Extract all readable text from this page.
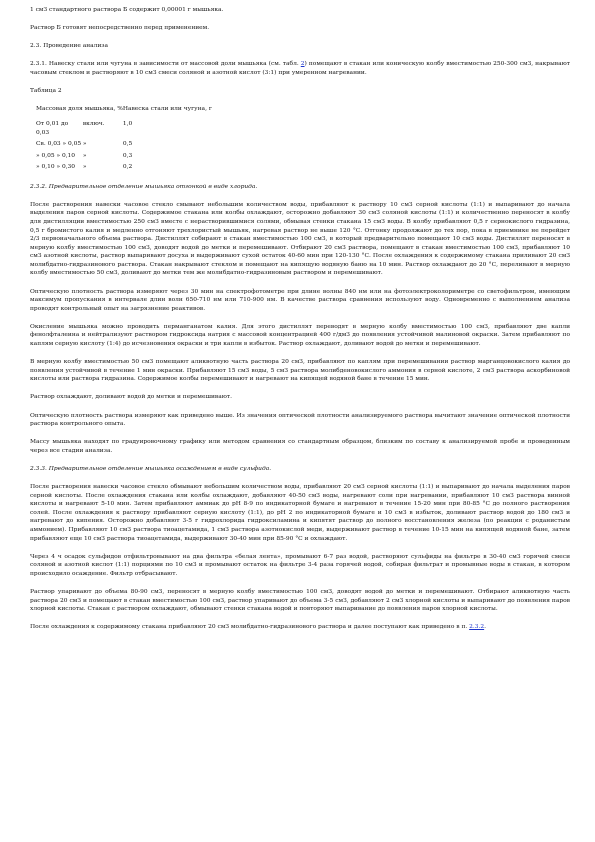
1 смЗ стандартного раствора Б содержит 0,00001 г мышьяка.

Раствор Б готовят непосредственно перед применением.

2.3. Проведение анализа

2.3.1. Навеску стали или чугуна в зависимости от массовой доли мышьяка (см. табл. 2) помещают в стакан или коническую колбу вместимостью 250-300 смЗ, накрывают часовым стеклом и растворяют в 10 смЗ смеси соляной и азотной кислот (3:1) при умеренном нагревании.

Таблица 2

Массовая доля мышьяка, %		Навеска стали или чугуна, г
От 0,01 до 0,03	включ.	1,0
Св. 0,03 » 0,05	»	0,5
» 0,05 » 0,10	»	0,3
» 0,10 » 0,30	»	0,2

2.3.2. Предварительное отделение мышьяка отгонкой в виде хлорида.

После растворения навески часовое стекло смывают небольшим количеством воды, прибавляют к раствору 10 смЗ серной кислоты (1:1) и выпаривают до начала выделения паров серной кислоты. Содержимое стакана или колбы охлаждают, осторожно добавляют 30 смЗ соляной кислоты (1:1) и количественно переносят в колбу для дистилляции вместимостью 250 смЗ вместе с нерастворившимися солями, обмывая стенки стакана 15 смЗ воды. В колбу прибавляют 0,5 г сернокислого гидразина, 0,5 г бромистого калия и медленно отгоняют трехлористый мышьяк, нагревая раствор не выше 120 °С. Отгонку продолжают до тех пор, пока в приемнике не перейдет 2/3 первоначального объема раствора. Дистиллят собирают в стакан вместимостью 100 смЗ, в который предварительно помещают 10 смЗ воды. Дистиллят переносят в мерную колбу вместимостью 100 смЗ, доводят водой до метки и перемешивают. Отбирают 20 смЗ раствора, помещают в стакан вместимостью 100 смЗ, прибавляют 10 смЗ азотной кислоты, раствор выпаривают досуха и выдерживают сухой остаток 40-60 мин при 120-130 °С. После охлаждения к содержимому стакана приливают 20 смЗ молибдатно-гидразинового раствора. Стакан накрывают стеклом и помещают на кипящую водяную баню на 10 мин. Раствор охлаждают до 20 °С, переливают в мерную колбу вместимостью 50 смЗ, доливают до метки тем же молибдатно-гидразиновым раствором и перемешивают.

Оптическую плотность раствора измеряют через 30 мин на спектрофотометре при длине волны 840 нм или на фотоэлектроколориметре со светофильтром, имеющим максимум пропускания в интервале длин волн 650-710 нм или 710-900 нм. В качестве раствора сравнения используют воду. Одновременно с выполнением анализа проводят контрольный опыт на загрязнение реактивов.

Окисление мышьяка можно проводить перманганатом калия. Для этого дистиллят переводят в мерную колбу вместимостью 100 смЗ, прибавляют две капли фенолфталеина и нейтрализуют раствором гидроксида натрия с массовой концентрацией 400 г/дмЗ до появления устойчивой малиновой окраски. Затем прибавляют по каплям серную кислоту (1:4) до исчезновения окраски и три капли в избыток. Раствор охлаждают, доливают водой до метки и перемешивают.

В мерную колбу вместимостью 50 смЗ помещают аликвотную часть раствора 20 смЗ, прибавляют по каплям при перемешивании раствор марганцовокислого калия до появления устойчивой в течение 1 мин окраски. Прибавляют 15 смЗ воды, 5 смЗ раствора молибденовокислого аммония в серной кислоте, 2 смЗ раствора аскорбиновой кислоты или раствора гидразина. Содержимое колбы перемешивают и нагревают на кипящей водяной бане в течение 15 мин.

Раствор охлаждают, доливают водой до метки и перемешивают.

Оптическую плотность раствора измеряют как приведено выше. Из значения оптической плотности анализируемого раствора вычитают значение оптической плотности раствора контрольного опыта.

Массу мышьяка находят по градуировочному графику или методом сравнения со стандартным образцом, близким по составу к анализируемой пробе и проведенным через все стадии анализа.

2.3.3. Предварительное отделение мышьяка осаждением в виде сульфида.

После растворения навески часовое стекло обмывают небольшим количеством воды, прибавляют 20 смЗ серной кислоты (1:1) и выпаривают до начала выделения паров серной кислоты. После охлаждения стакана или колбы охлаждают, добавляют 40-50 смЗ воды, нагревают соли при нагревании, прибавляют 10 смЗ раствора винной кислоты и нагревают 5-10 мин. Затем прибавляют аммиак до pH 8-9 по индикаторной бумаге и нагревают в течение 15-20 мин при 80-85 °С до полного растворения солей. После охлаждения к раствору прибавляют серную кислоту (1:1), до pH 2 по индикаторной бумаге и 10 смЗ в избыток, доливают раствор водой до 180 смЗ и нагревают до кипения. Осторожно добавляют 3-5 г гидрохлорида гидроксиламина и кипятят раствор до полного восстановления железа (по реакции с роданистым аммонием). Прибавляют 10 смЗ раствора тиоацетамида, 1 смЗ раствора азотнокислой меди, выдерживают раствор в течение 10-15 мин на кипящей водяной бане, затем прибавляют еще 10 смЗ раствора тиоацетамида, выдерживают 30-40 мин при 85-90 °С и охлаждают.

Через 4 ч осадок сульфидов отфильтровывают на два фильтра «белая лента», промывают 6-7 раз водой, растворяют сульфиды на фильтре в 30-40 смЗ горячей смеси соляной и азотной кислот (1:1) порциями по 10 смЗ и промывают остаток на фильтре 3-4 раза горячей водой, собирая фильтрат и промывные воды в стакан, в котором происходило осаждение. Фильтр отбрасывают.

Раствор упаривают до объема 80-90 смЗ, переносят в мерную колбу вместимостью 100 смЗ, доводят водой до метки и перемешивают. Отбирают аликвотную часть раствора 20 смЗ и помещают в стакан вместимостью 100 смЗ, раствор упаривают до объема 3-5 смЗ, добавляют 2 смЗ хлорной кислоты и выпаривают до появления паров хлорной кислоты. Стакан с раствором охлаждают, обмывают стенки стакана водой и повторяют выпаривание до появления паров хлорной кислоты.

После охлаждения к содержимому стакана прибавляют 20 смЗ молибдатно-гидразинового раствора и далее поступают как приведено в п. 2.3.2.
